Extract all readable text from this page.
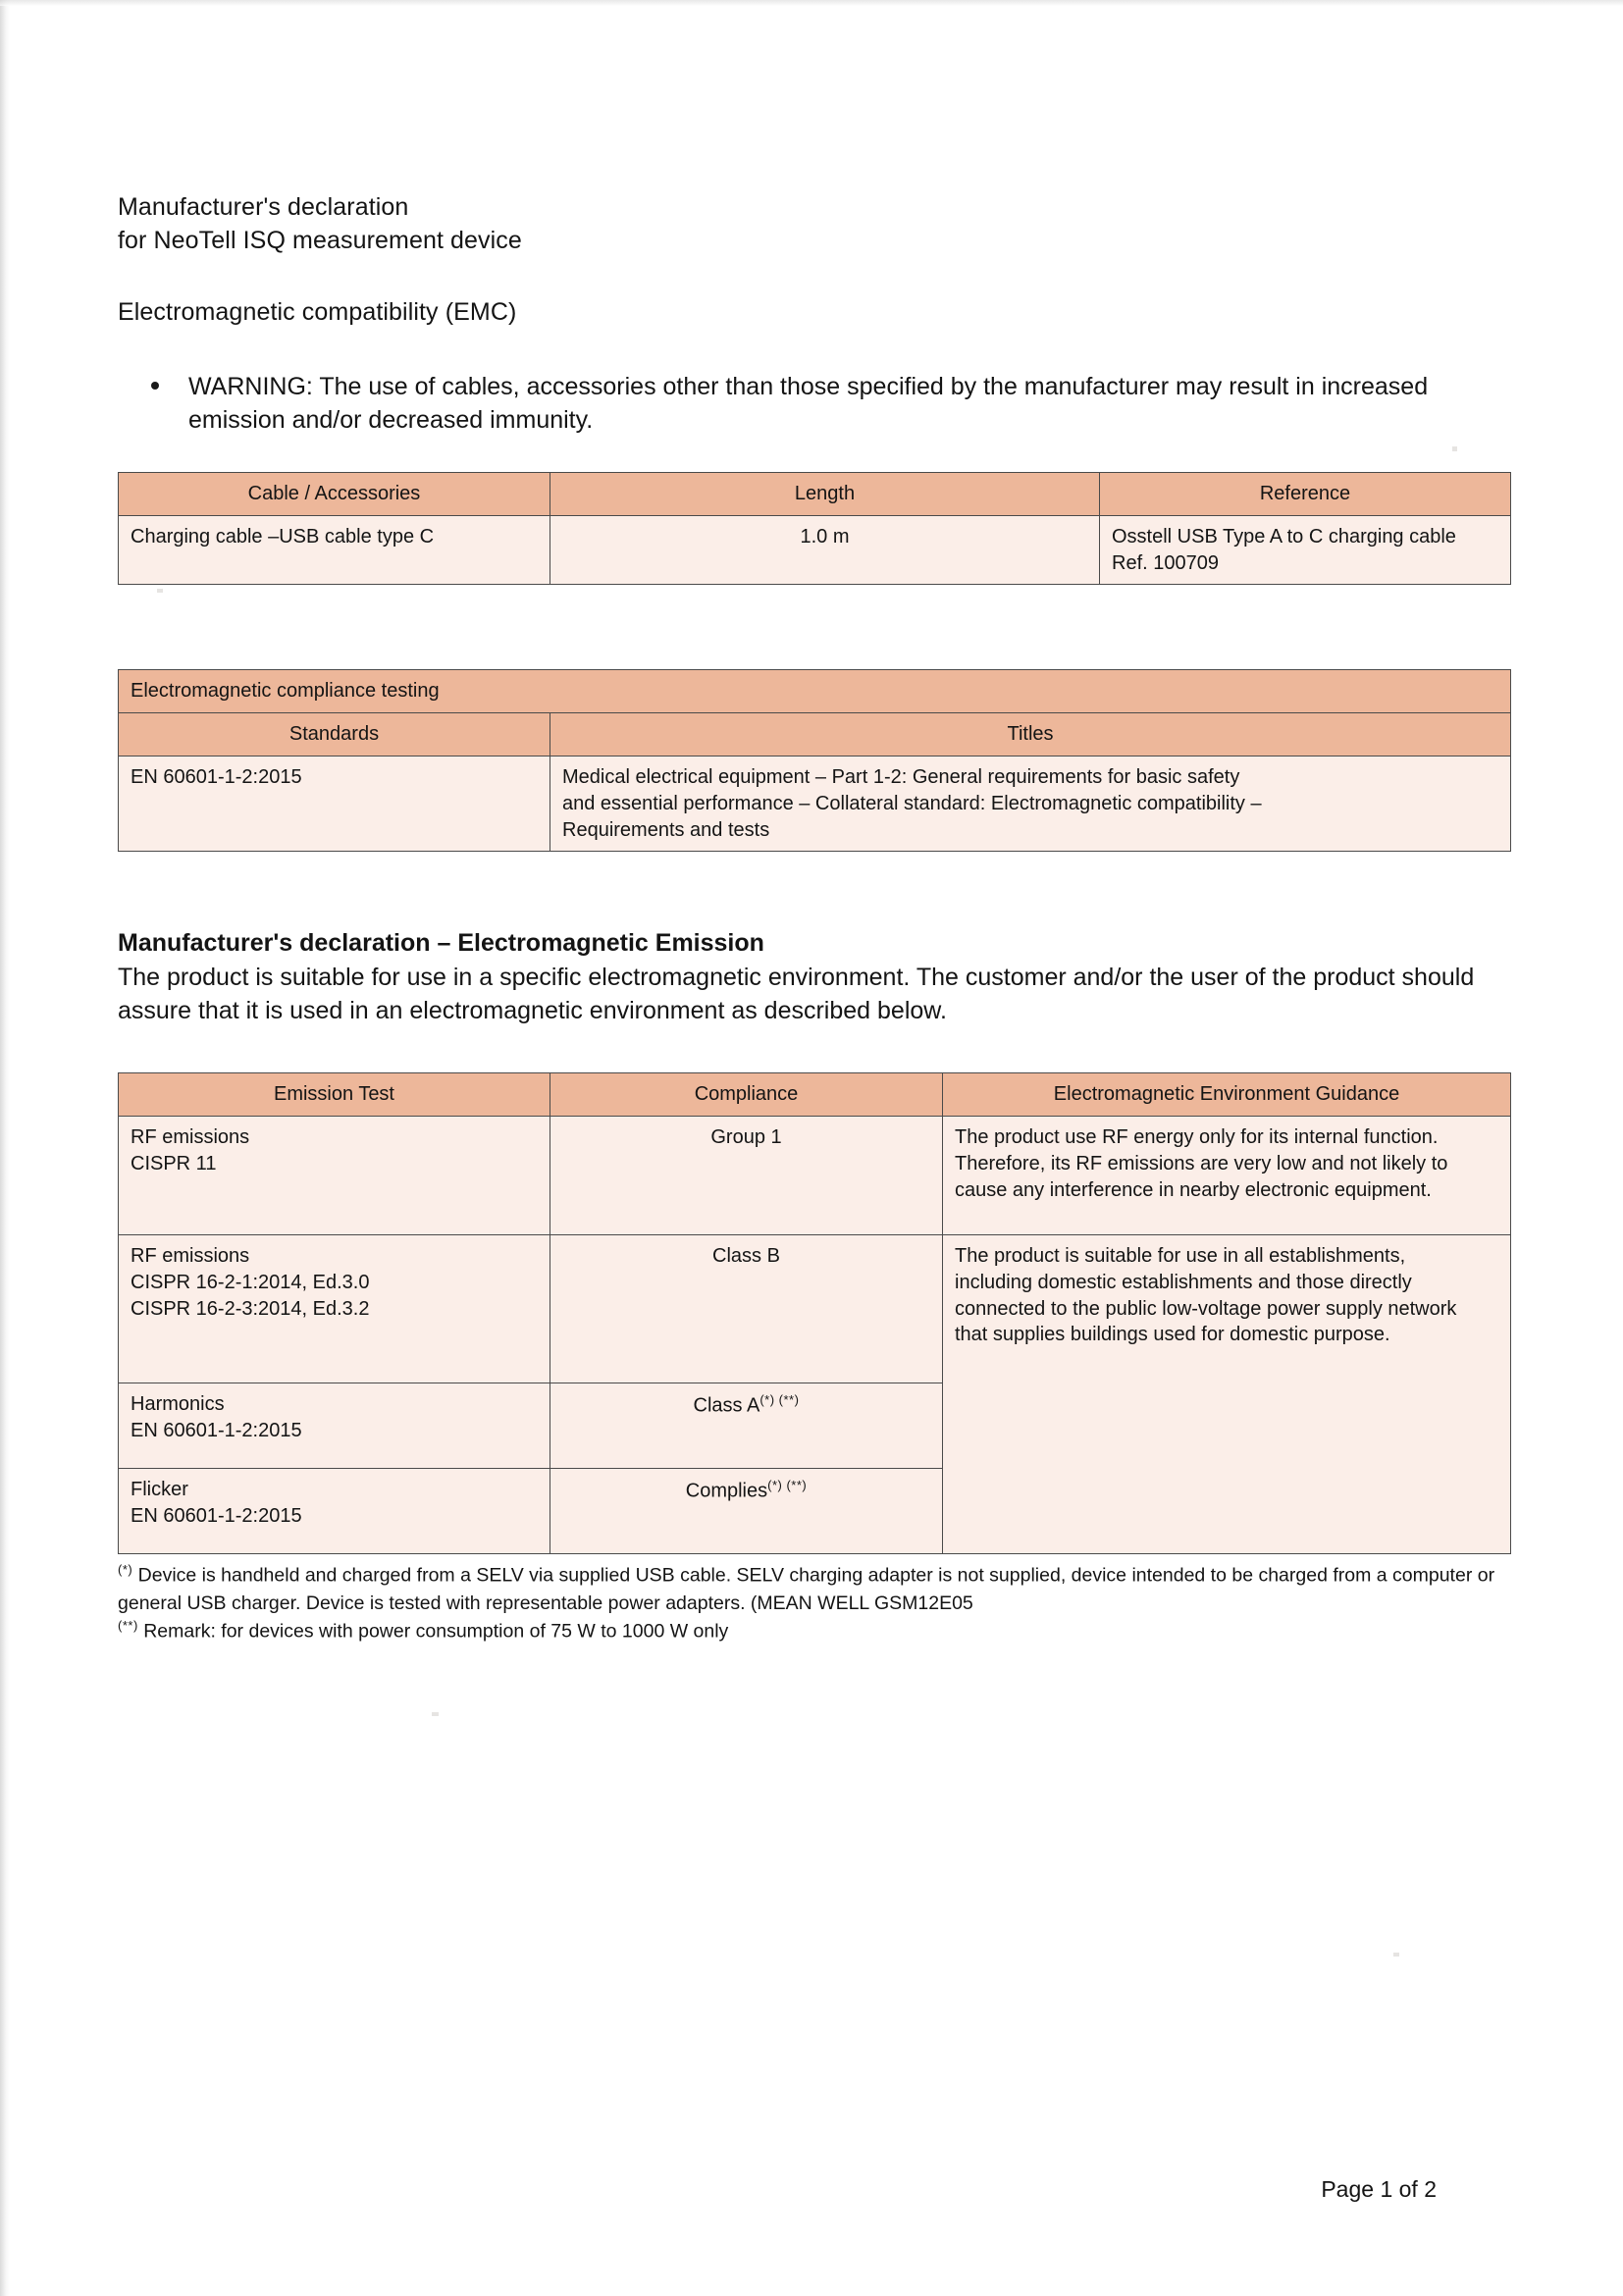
Manufacturer's declaration
for NeoTell ISQ measurement device
Electromagnetic compatibility (EMC)
WARNING: The use of cables, accessories other than those specified by the manufacturer may result in increased emission and/or decreased immunity.
Cable / Accessories	Length	Reference
Charging cable –USB cable type C	1.0 m	Osstell USB Type A to C charging cable
Ref. 100709
Electromagnetic compliance testing	
Standards	Titles
EN 60601-1-2:2015	Medical electrical equipment – Part 1-2: General requirements for basic safety
and essential performance – Collateral standard: Electromagnetic compatibility –
Requirements and tests
Manufacturer's declaration – Electromagnetic Emission
The product is suitable for use in a specific electromagnetic environment. The customer and/or the user of the product should assure that it is used in an electromagnetic environment as described below.
Emission Test	Compliance	Electromagnetic Environment Guidance

RF emissions
CISPR 11
	Group 1	The product use RF energy only for its internal function.
Therefore, its RF emissions are very low and not likely to
cause any interference in nearby electronic equipment.

RF emissions
CISPR 16-2-1:2014, Ed.3.0
CISPR 16-2-3:2014, Ed.3.2
	Class B	The product is suitable for use in all establishments,
including domestic establishments and those directly
connected to the public low-voltage power supply network
that supplies buildings used for domestic purpose.

Harmonics
EN 60601-1-2:2015	Class A(*) (**)

Flicker
EN 60601-1-2:2015	Complies(*) (**)
(*) Device is handheld and charged from a SELV via supplied USB cable. SELV charging adapter is not supplied, device intended to be charged from a computer or general USB charger. Device is tested with representable power adapters. (MEAN WELL GSM12E05
(**) Remark: for devices with power consumption of 75 W to 1000 W only
Page 1 of 2
